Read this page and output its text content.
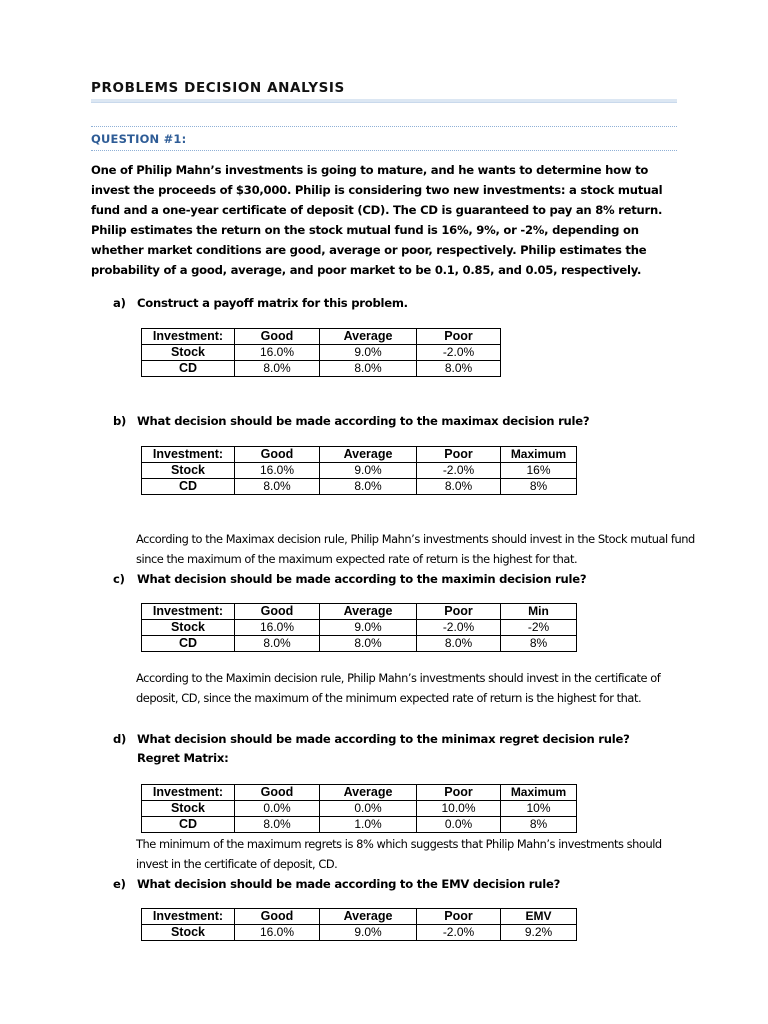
PROBLEMS DECISION ANALYSIS
QUESTION #1:

One of Philip Mahn’s investments is going to mature, and he wants to determine how to invest the proceeds of $30,000. Philip is considering two new investments: a stock mutual fund and a one-year certificate of deposit (CD). The CD is guaranteed to pay an 8% return. Philip estimates the return on the stock mutual fund is 16%, 9%, or -2%, depending on whether market conditions are good, average or poor, respectively. Philip estimates the probability of a good, average, and poor market to be 0.1, 0.85, and 0.05, respectively.

a) Construct a payoff matrix for this problem.
Investment:	Good	Average	Poor
Stock	16.0%	9.0%	-2.0%
CD	8.0%	8.0%	8.0%
b) What decision should be made according to the maximax decision rule?
Investment:	Good	Average	Poor	Maximum
Stock	16.0%	9.0%	-2.0%	16%
CD	8.0%	8.0%	8.0%	8%

According to the Maximax decision rule, Philip Mahn’s investments should invest in the Stock mutual fund since the maximum of the maximum expected rate of return is the highest for that.

c) What decision should be made according to the maximin decision rule?
Investment:	Good	Average	Poor	Min
Stock	16.0%	9.0%	-2.0%	-2%
CD	8.0%	8.0%	8.0%	8%

According to the Maximin decision rule, Philip Mahn’s investments should invest in the certificate of deposit, CD, since the maximum of the minimum expected rate of return is the highest for that.

d) What decision should be made according to the minimax regret decision rule?
Regret Matrix:
Investment:	Good	Average	Poor	Maximum
Stock	0.0%	0.0%	10.0%	10%
CD	8.0%	1.0%	0.0%	8%

The minimum of the maximum regrets is 8% which suggests that Philip Mahn’s investments should invest in the certificate of deposit, CD.

e) What decision should be made according to the EMV decision rule?
Investment:	Good	Average	Poor	EMV
Stock	16.0%	9.0%	-2.0%	9.2%
